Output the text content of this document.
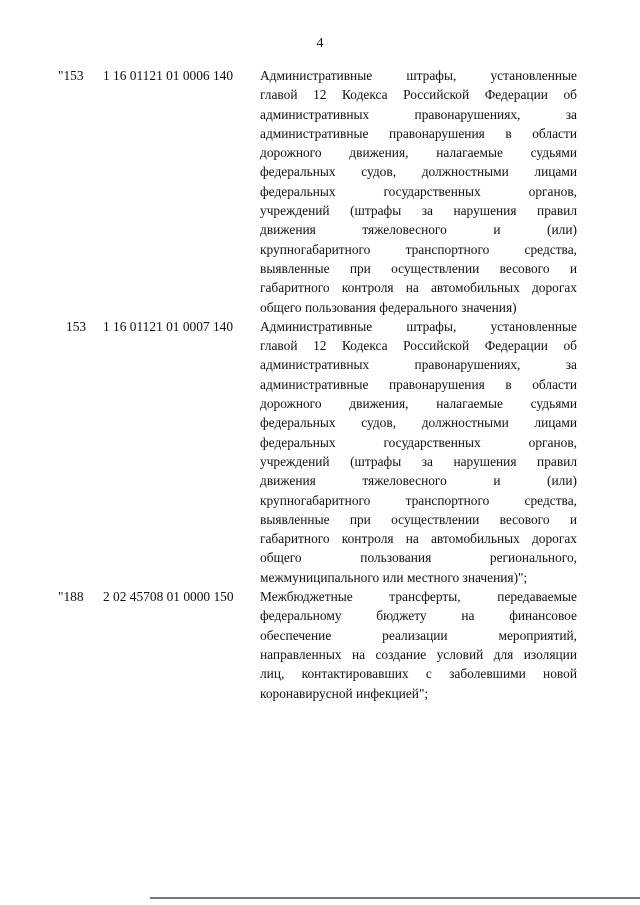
4
"153	1 16 01121 01 0006 140	Административные штрафы, установленные
главой 12 Кодекса Российской Федерации об
административных правонарушениях, за
административные правонарушения в области
дорожного движения, налагаемые судьями
федеральных судов, должностными лицами
федеральных государственных органов,
учреждений (штрафы за нарушения правил
движения тяжеловесного и (или)
крупногабаритного транспортного средства,
выявленные при осуществлении весового и
габаритного контроля на автомобильных дорогах
общего пользования федерального значения)
153	1 16 01121 01 0007 140	Административные штрафы, установленные
главой 12 Кодекса Российской Федерации об
административных правонарушениях, за
административные правонарушения в области
дорожного движения, налагаемые судьями
федеральных судов, должностными лицами
федеральных государственных органов,
учреждений (штрафы за нарушения правил
движения тяжеловесного и (или)
крупногабаритного транспортного средства,
выявленные при осуществлении весового и
габаритного контроля на автомобильных дорогах
общего пользования регионального,
межмуниципального или местного значения)";
"188	2 02 45708 01 0000 150	Межбюджетные трансферты, передаваемые
федеральному бюджету на финансовое
обеспечение реализации мероприятий,
направленных на создание условий для изоляции
лиц, контактировавших с заболевшими новой
коронавирусной инфекцией";
